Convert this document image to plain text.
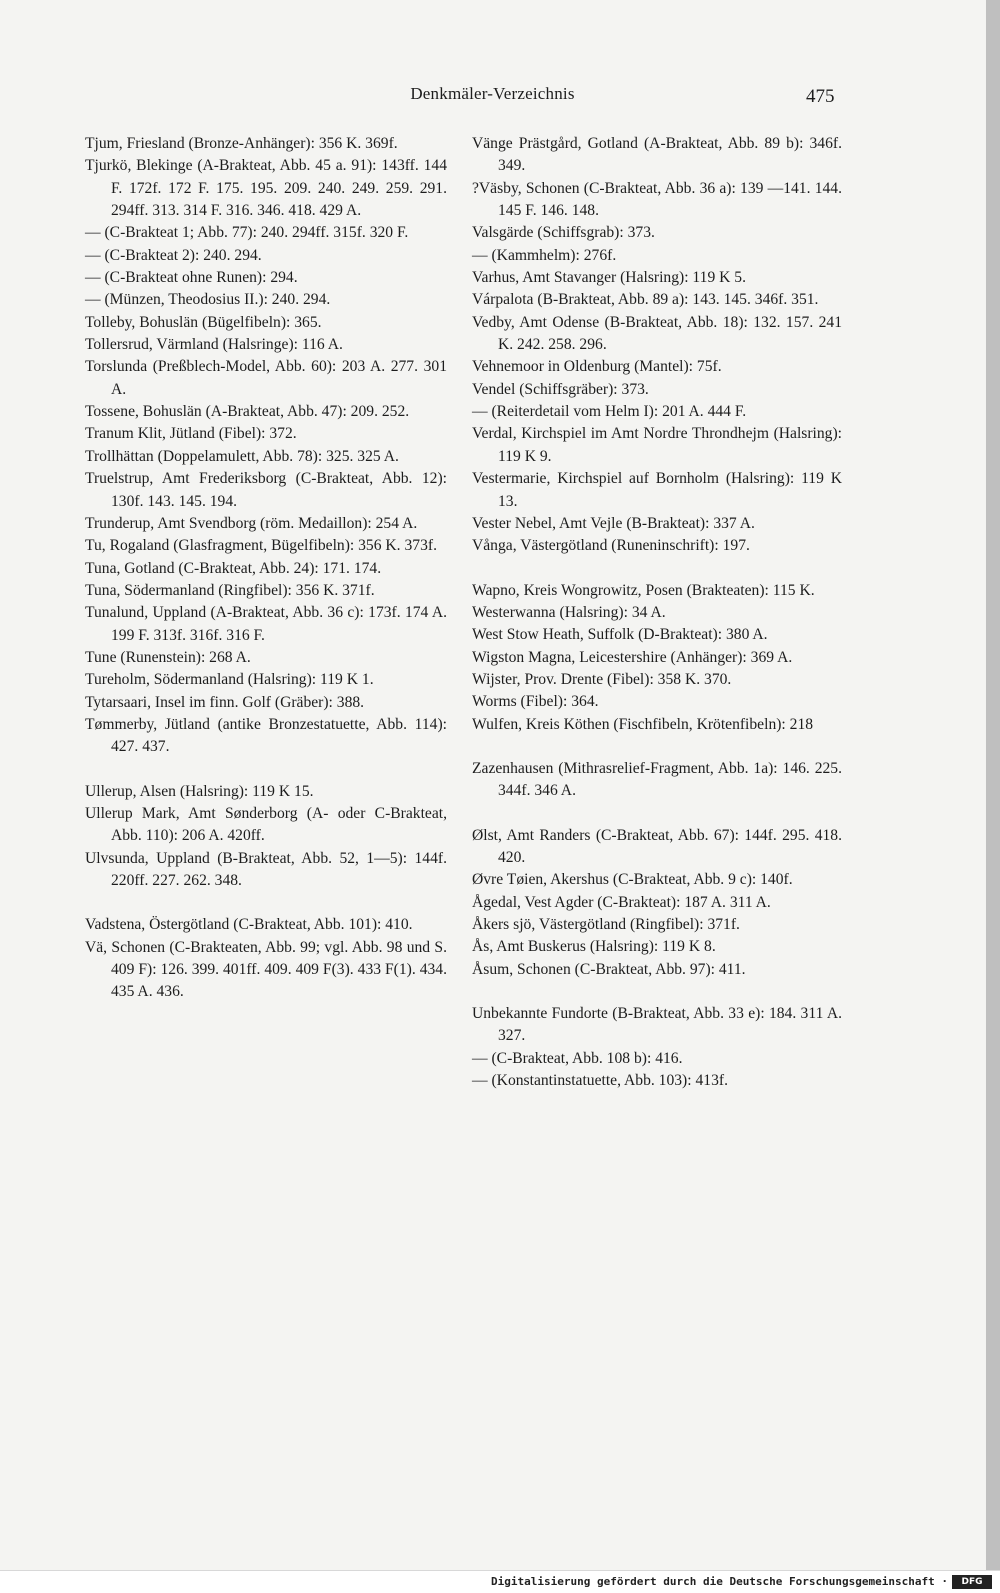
Denkmäler-Verzeichnis	475

Tjum, Friesland (Bronze-Anhänger): 356 K. 369f.

Tjurkö, Blekinge (A-Brakteat, Abb. 45 a. 91): 143ff. 144 F. 172f. 172 F. 175. 195. 209. 240. 249. 259. 291. 294ff. 313. 314 F. 316. 346. 418. 429 A.

— (C-Brakteat 1; Abb. 77): 240. 294ff. 315f. 320 F.

— (C-Brakteat 2): 240. 294.

— (C-Brakteat ohne Runen): 294.

— (Münzen, Theodosius II.): 240. 294.

Tolleby, Bohuslän (Bügelfibeln): 365.

Tollersrud, Värmland (Halsringe): 116 A.

Torslunda (Preßblech-Model, Abb. 60): 203 A. 277. 301 A.

Tossene, Bohuslän (A-Brakteat, Abb. 47): 209. 252.

Tranum Klit, Jütland (Fibel): 372.

Trollhättan (Doppelamulett, Abb. 78): 325. 325 A.

Truelstrup, Amt Frederiksborg (C-Brakteat, Abb. 12): 130f. 143. 145. 194.

Trunderup, Amt Svendborg (röm. Medaillon): 254 A.

Tu, Rogaland (Glasfragment, Bügelfibeln): 356 K. 373f.

Tuna, Gotland (C-Brakteat, Abb. 24): 171. 174.

Tuna, Södermanland (Ringfibel): 356 K. 371f.

Tunalund, Uppland (A-Brakteat, Abb. 36 c): 173f. 174 A. 199 F. 313f. 316f. 316 F.

Tune (Runenstein): 268 A.

Tureholm, Södermanland (Halsring): 119 K 1.

Tytarsaari, Insel im finn. Golf (Gräber): 388.

Tømmerby, Jütland (antike Bronzestatuette, Abb. 114): 427. 437.

Ullerup, Alsen (Halsring): 119 K 15.

Ullerup Mark, Amt Sønderborg (A- oder C-Brakteat, Abb. 110): 206 A. 420ff.

Ulvsunda, Uppland (B-Brakteat, Abb. 52, 1—5): 144f. 220ff. 227. 262. 348.

Vadstena, Östergötland (C-Brakteat, Abb. 101): 410.

Vä, Schonen (C-Brakteaten, Abb. 99; vgl. Abb. 98 und S. 409 F): 126. 399. 401ff. 409. 409 F(3). 433 F(1). 434. 435 A. 436.

Vänge Prästgård, Gotland (A-Brakteat, Abb. 89 b): 346f. 349.

?Väsby, Schonen (C-Brakteat, Abb. 36 a): 139 —141. 144. 145 F. 146. 148.

Valsgärde (Schiffsgrab): 373.

— (Kammhelm): 276f.

Varhus, Amt Stavanger (Halsring): 119 K 5.

Várpalota (B-Brakteat, Abb. 89 a): 143. 145. 346f. 351.

Vedby, Amt Odense (B-Brakteat, Abb. 18): 132. 157. 241 K. 242. 258. 296.

Vehnemoor in Oldenburg (Mantel): 75f.

Vendel (Schiffsgräber): 373.

— (Reiterdetail vom Helm I): 201 A. 444 F.

Verdal, Kirchspiel im Amt Nordre Throndhejm (Halsring): 119 K 9.

Vestermarie, Kirchspiel auf Bornholm (Halsring): 119 K 13.

Vester Nebel, Amt Vejle (B-Brakteat): 337 A.

Vånga, Västergötland (Runeninschrift): 197.

Wapno, Kreis Wongrowitz, Posen (Brakteaten): 115 K.

Westerwanna (Halsring): 34 A.

West Stow Heath, Suffolk (D-Brakteat): 380 A.

Wigston Magna, Leicestershire (Anhänger): 369 A.

Wijster, Prov. Drente (Fibel): 358 K. 370.

Worms (Fibel): 364.

Wulfen, Kreis Köthen (Fischfibeln, Krötenfibeln): 218

Zazenhausen (Mithrasrelief-Fragment, Abb. 1a): 146. 225. 344f. 346 A.

Ølst, Amt Randers (C-Brakteat, Abb. 67): 144f. 295. 418. 420.

Øvre Tøien, Akershus (C-Brakteat, Abb. 9 c): 140f.

Ågedal, Vest Agder (C-Brakteat): 187 A. 311 A.

Åkers sjö, Västergötland (Ringfibel): 371f.

Ås, Amt Buskerus (Halsring): 119 K 8.

Åsum, Schonen (C-Brakteat, Abb. 97): 411.

Unbekannte Fundorte (B-Brakteat, Abb. 33 e): 184. 311 A. 327.

— (C-Brakteat, Abb. 108 b): 416.

— (Konstantinstatuette, Abb. 103): 413f.

Digitalisierung gefördert durch die Deutsche Forschungsgemeinschaft ·	DFG
